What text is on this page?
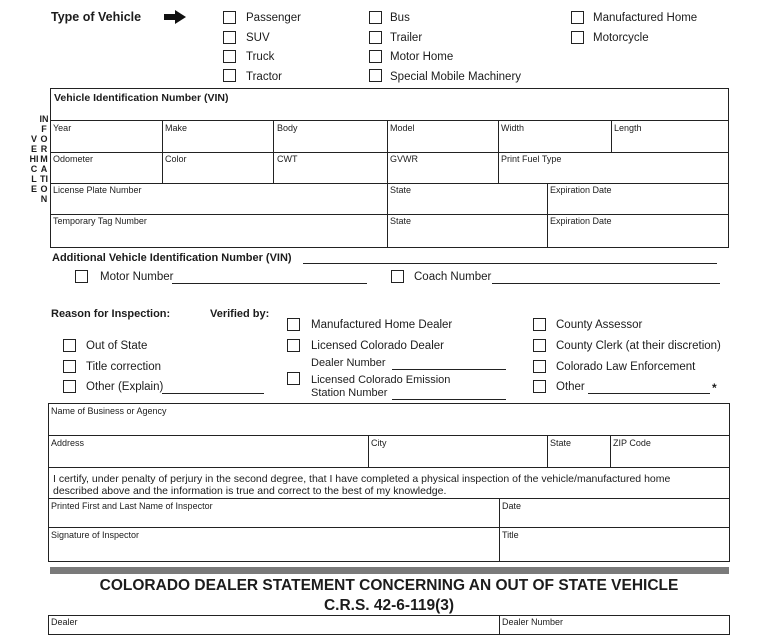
Type of Vehicle	Passenger
SUV
Truck
Tractor
Bus
Trailer
Motor Home
Special Mobile Machinery
Manufactured Home
Motorcycle
VEHICLE
INFORMATION
Vehicle Identification Number (VIN)
Year	Make	Body	Model	Width	Length
Odometer	Color	CWT	GVWR	Print Fuel Type
License Plate Number	State	Expiration Date
Temporary Tag Number	State	Expiration Date
Additional Vehicle Identification Number (VIN)
Motor Number	Coach Number
Reason for Inspection:	Verified by:
Out of State
Title correction
Other (Explain)
Manufactured Home Dealer
Licensed Colorado Dealer
Dealer Number
Licensed Colorado Emission
Station Number
County Assessor
County Clerk (at their discretion)
Colorado Law Enforcement
Other	*
Name of Business or Agency
Address	City	State	ZIP Code
I certify, under penalty of perjury in the second degree, that I have completed a physical inspection of the vehicle/manufactured home
described above and the information is true and correct to the best of my knowledge.
Printed First and Last Name of Inspector	Date
Signature of Inspector	Title
COLORADO DEALER STATEMENT CONCERNING AN OUT OF STATE VEHICLE
C.R.S. 42-6-119(3)
Dealer	Dealer Number
